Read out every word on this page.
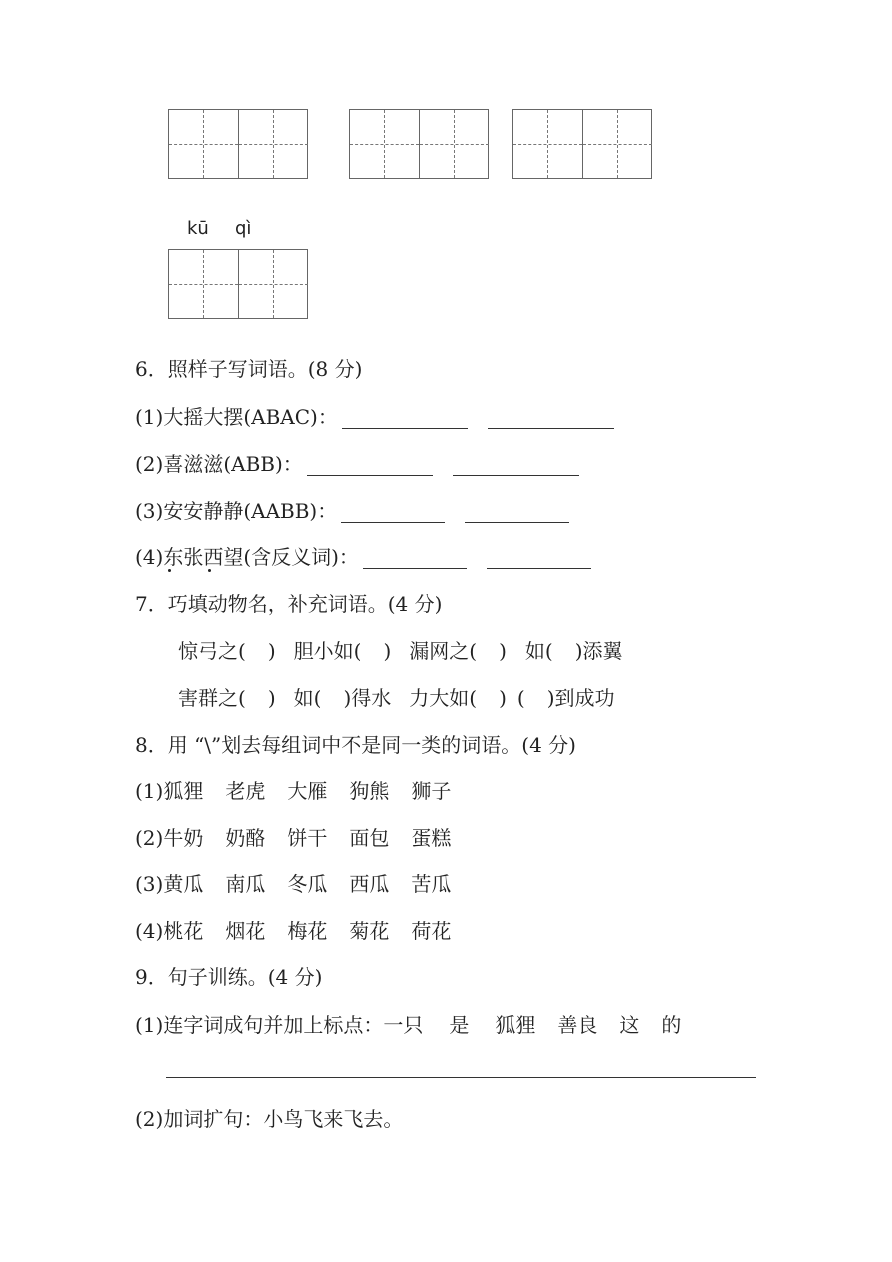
kū qì
6．照样子写词语。(8 分)
(1)大摇大摆(ABAC)：
(2)喜滋滋(ABB)：
(3)安安静静(AABB)：
(4)东张西望(含反义词)：
7．巧填动物名，补充词语。(4 分)
惊弓之( ) 胆小如( ) 漏网之( ) 如( )添翼
害群之( ) 如( )得水 力大如( ) ( )到成功
8．用 “\”划去每组词中不是同一类的词语。(4 分)
(1)狐狸 老虎 大雁 狗熊 狮子
(2)牛奶 奶酪 饼干 面包 蛋糕
(3)黄瓜 南瓜 冬瓜 西瓜 苦瓜
(4)桃花 烟花 梅花 菊花 荷花
9．句子训练。(4 分)
(1)连字词成句并加上标点：一只 是 狐狸 善良 这 的
(2)加词扩句：小鸟飞来飞去。
